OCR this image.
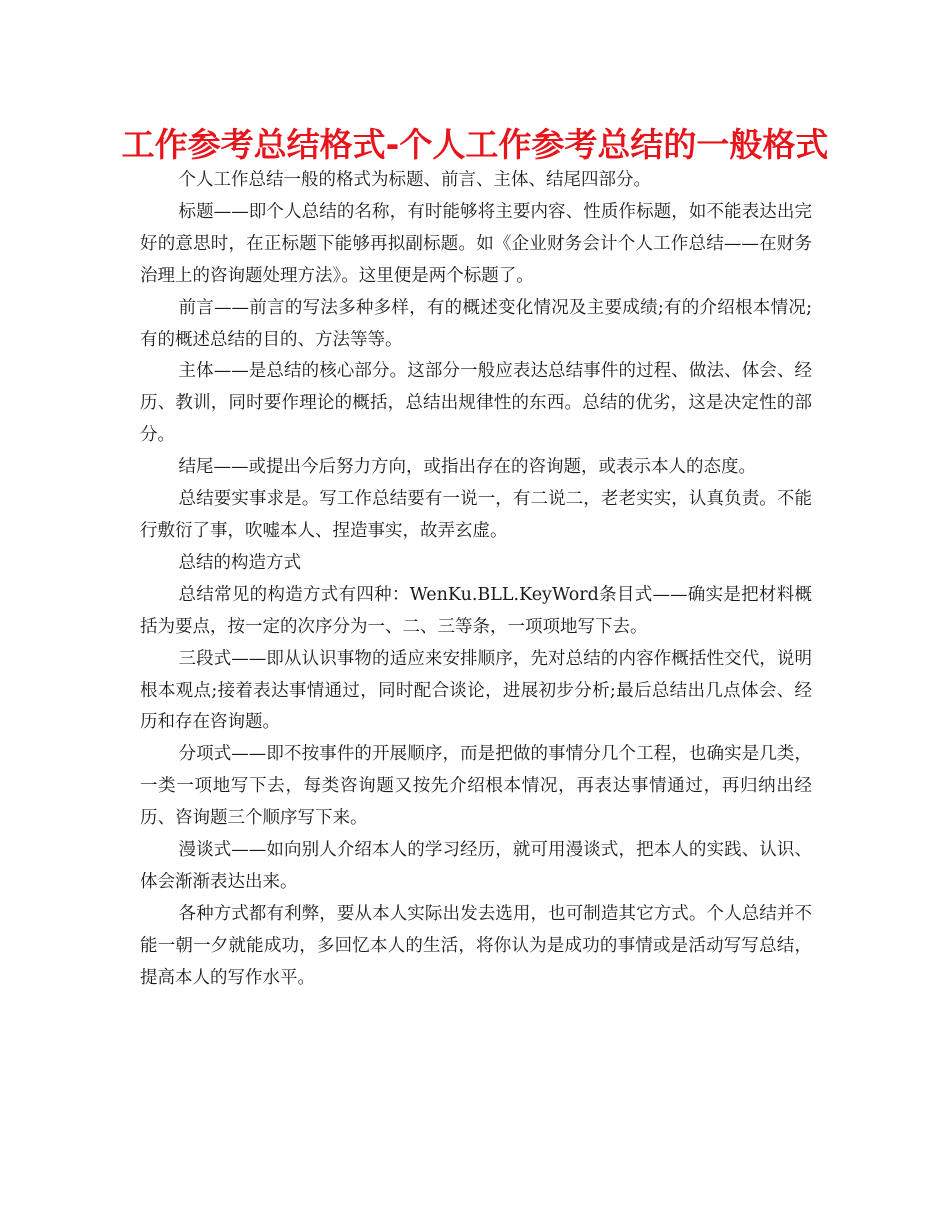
工作参考总结格式-个人工作参考总结的一般格式

个人工作总结一般的格式为标题、前言、主体、结尾四部分。

标题——即个人总结的名称，有时能够将主要内容、性质作标题，如不能表达出完好的意思时，在正标题下能够再拟副标题。如《企业财务会计个人工作总结——在财务治理上的咨询题处理方法》。这里便是两个标题了。

前言——前言的写法多种多样，有的概述变化情况及主要成绩;有的介绍根本情况;有的概述总结的目的、方法等等。

主体——是总结的核心部分。这部分一般应表达总结事件的过程、做法、体会、经历、教训，同时要作理论的概括，总结出规律性的东西。总结的优劣，这是决定性的部分。

结尾——或提出今后努力方向，或指出存在的咨询题，或表示本人的态度。

总结要实事求是。写工作总结要有一说一，有二说二，老老实实，认真负责。不能行敷衍了事，吹嘘本人、捏造事实，故弄玄虚。

总结的构造方式

总结常见的构造方式有四种：WenKu.BLL.KeyWord条目式——确实是把材料概括为要点，按一定的次序分为一、二、三等条，一项项地写下去。

三段式——即从认识事物的适应来安排顺序，先对总结的内容作概括性交代，说明根本观点;接着表达事情通过，同时配合谈论，进展初步分析;最后总结出几点体会、经历和存在咨询题。

分项式——即不按事件的开展顺序，而是把做的事情分几个工程，也确实是几类，一类一项地写下去，每类咨询题又按先介绍根本情况，再表达事情通过，再归纳出经历、咨询题三个顺序写下来。

漫谈式——如向别人介绍本人的学习经历，就可用漫谈式，把本人的实践、认识、体会渐渐表达出来。

各种方式都有利弊，要从本人实际出发去选用，也可制造其它方式。个人总结并不能一朝一夕就能成功，多回忆本人的生活，将你认为是成功的事情或是活动写写总结，提高本人的写作水平。
